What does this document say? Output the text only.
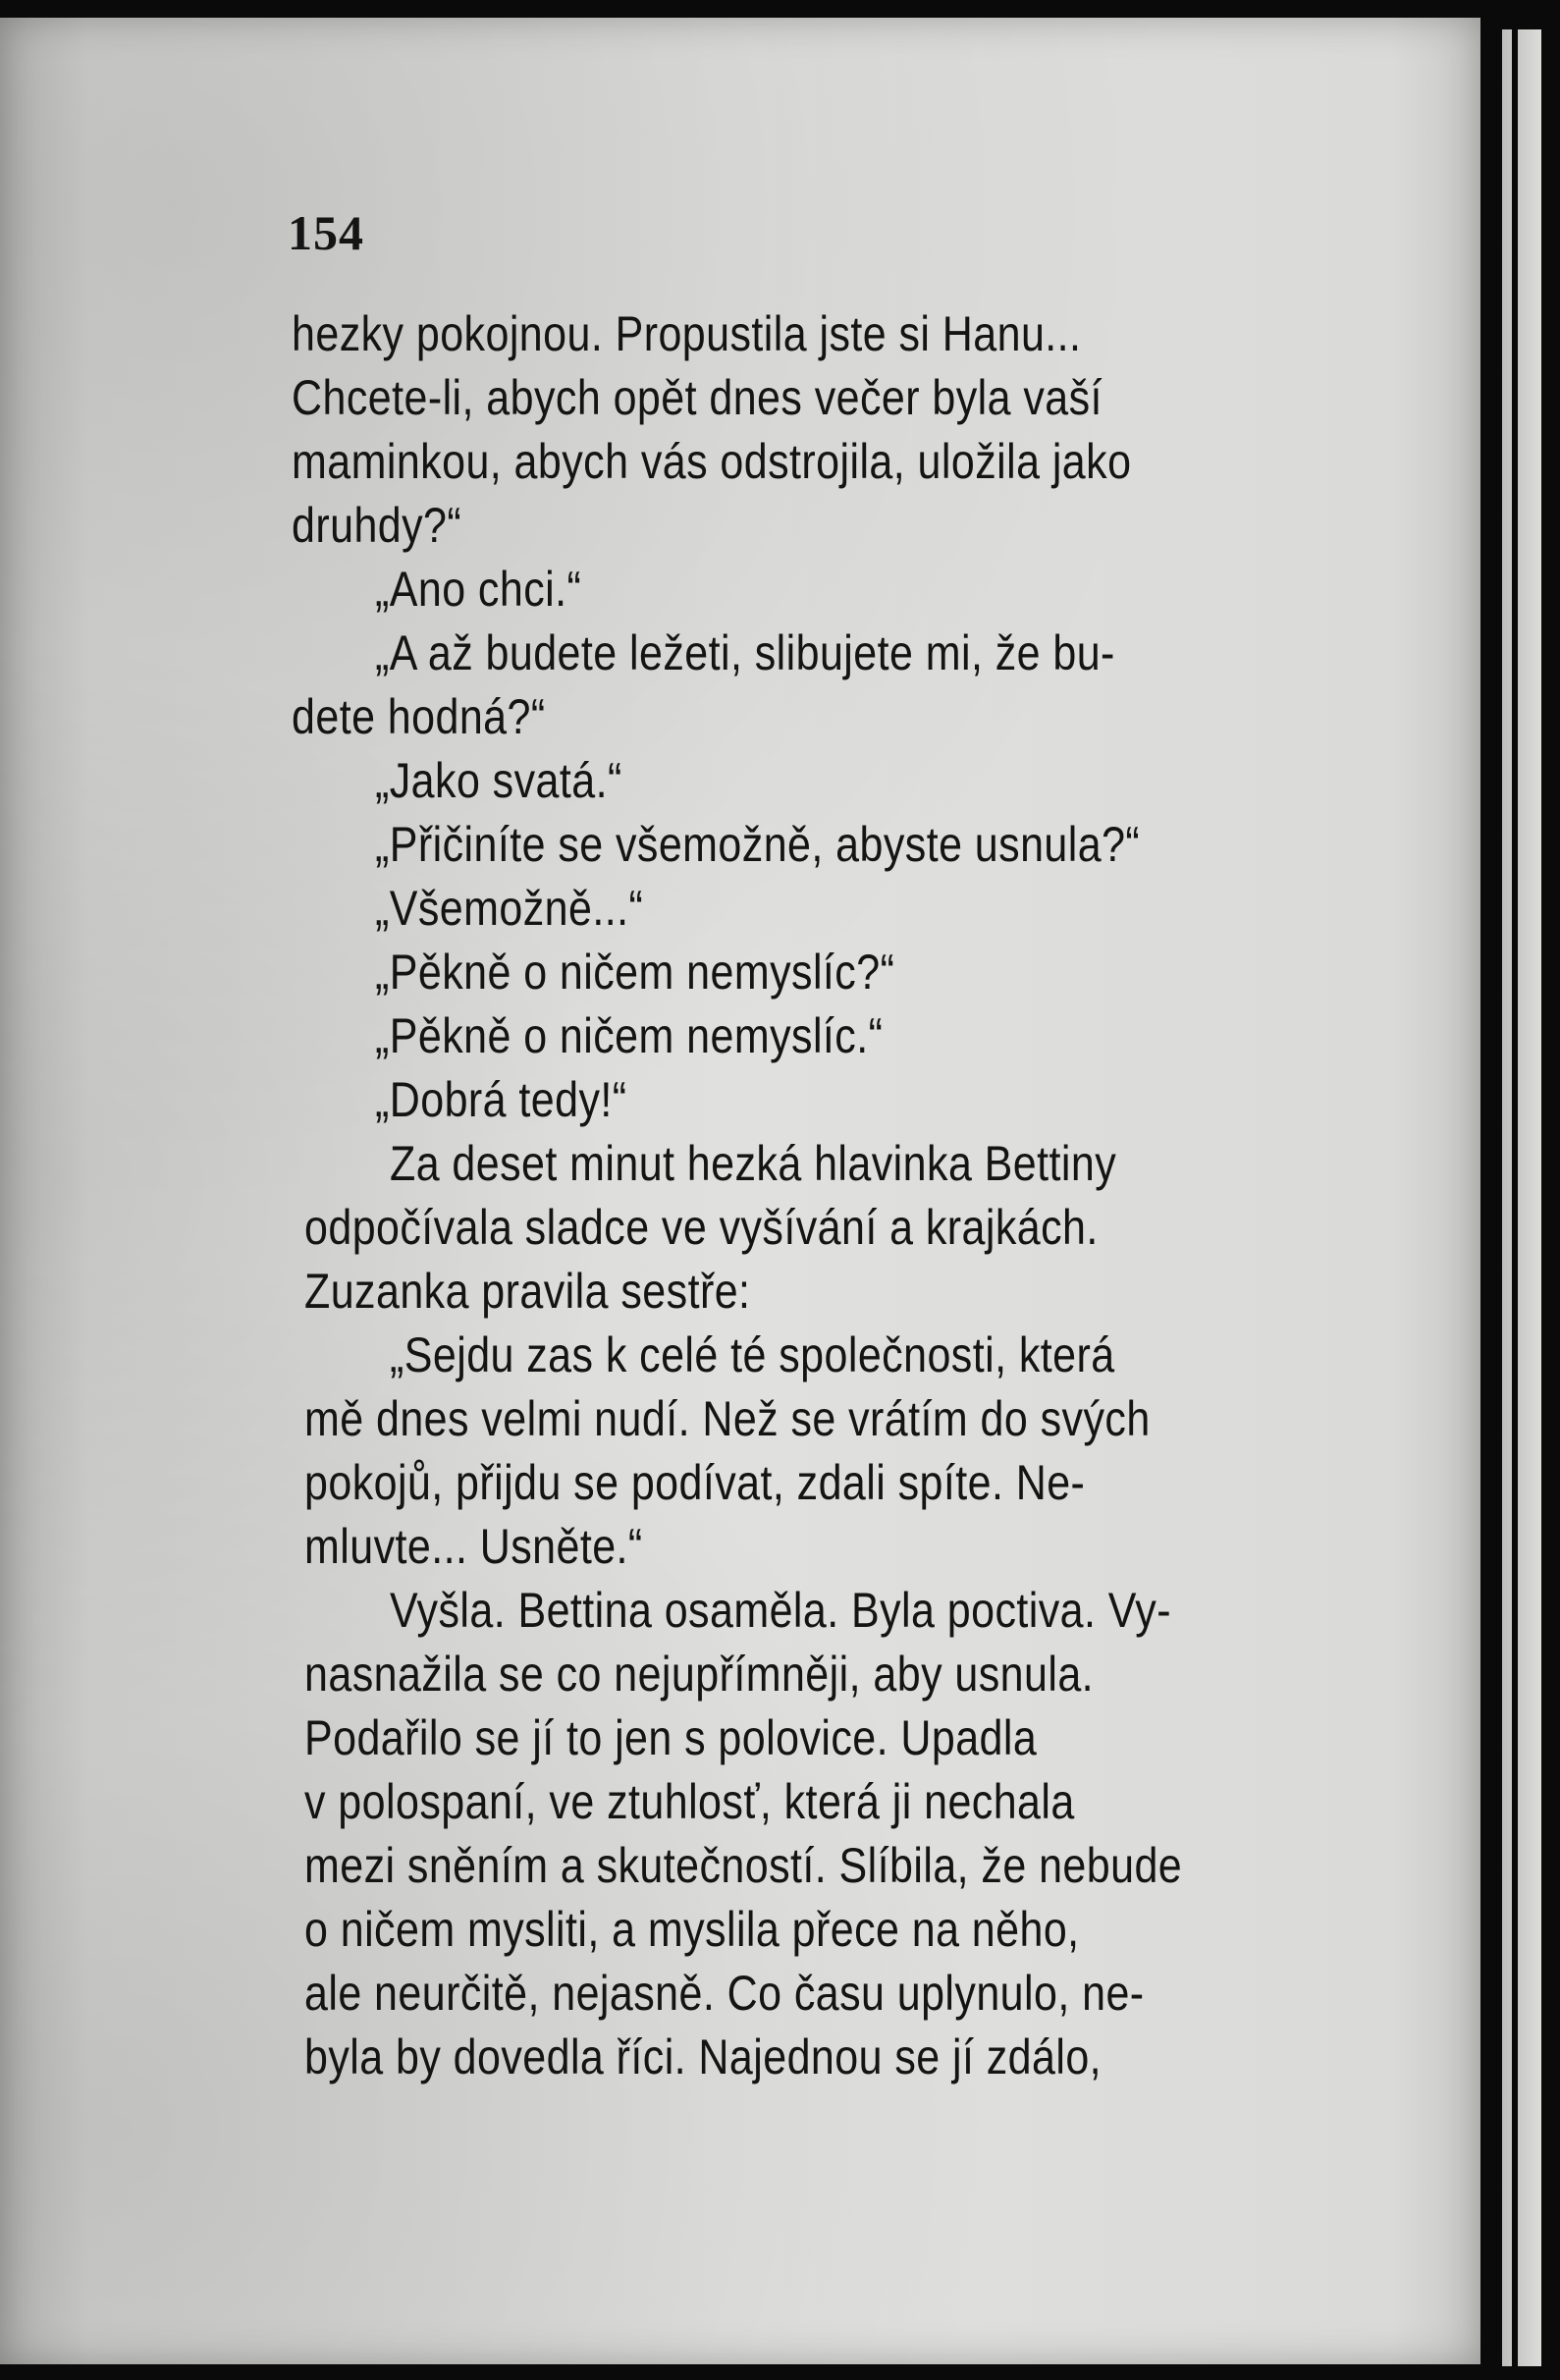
154
hezky pokojnou. Propustila jste si Hanu...
Chcete-li, abych opět dnes večer byla vaší
maminkou, abych vás odstrojila, uložila jako
druhdy?“
„Ano chci.“
„A až budete ležeti, slibujete mi, že bu-
dete hodná?“
„Jako svatá.“
„Přičiníte se všemožně, abyste usnula?“
„Všemožně...“
„Pěkně o ničem nemyslíc?“
„Pěkně o ničem nemyslíc.“
„Dobrá tedy!“
Za deset minut hezká hlavinka Bettiny
odpočívala sladce ve vyšívání a krajkách.
Zuzanka pravila sestře:
„Sejdu zas k celé té společnosti, která
mě dnes velmi nudí. Než se vrátím do svých
pokojů, přijdu se podívat, zdali spíte. Ne-
mluvte... Usněte.“
Vyšla. Bettina osaměla. Byla poctiva. Vy-
nasnažila se co nejupřímněji, aby usnula.
Podařilo se jí to jen s polovice. Upadla
v polospaní, ve ztuhlosť, která ji nechala
mezi sněním a skutečností. Slíbila, že nebude
o ničem mysliti, a myslila přece na něho,
ale neurčitě, nejasně. Co času uplynulo, ne-
byla by dovedla říci. Najednou se jí zdálo,
